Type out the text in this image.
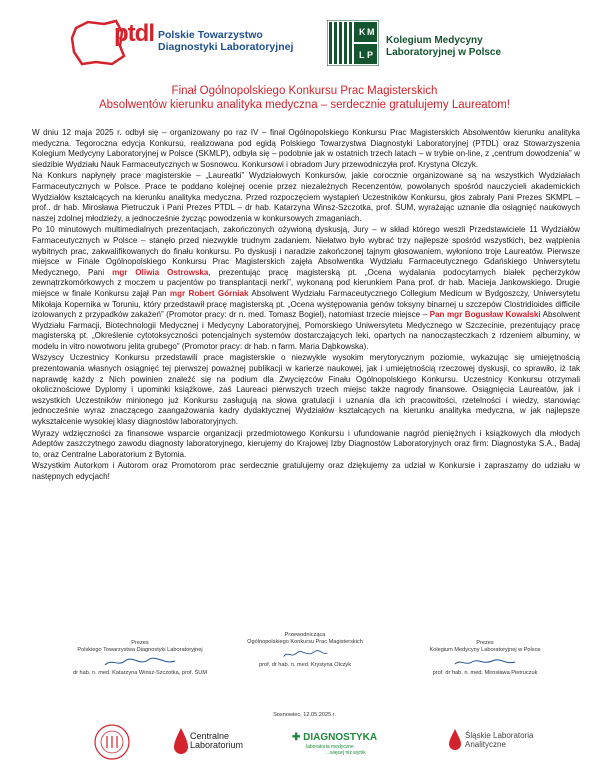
ptdl Polskie Towarzystwo
Diagnostyki Laboratoryjnej
K M
L P
Kolegium Medycyny
Laboratoryjnej w Polsce
Finał Ogólnopolskiego Konkursu Prac Magisterskich
Absolwentów kierunku analityka medyczna – serdecznie gratulujemy Laureatom!

W dniu 12 maja 2025 r. odbył się – organizowany po raz IV – finał Ogólnopolskiego Konkursu Prac Magisterskich Absolwentów kierunku analityka medyczna. Tegoroczna edycja Konkursu, realizowana pod egidą Polskiego Towarzystwa Diagnostyki Laboratoryjnej (PTDL) oraz Stowarzyszenia Kolegium Medycyny Laboratoryjnej w Polsce (SKMLP), odbyła się – podobnie jak w ostatnich trzech latach – w trybie on-line, z „centrum dowodzenia” w siedzibie Wydziału Nauk Farmaceutycznych w Sosnowcu. Konkursowi i obradom Jury przewodniczyła prof. Krystyna Olczyk.

Na Konkurs napłynęły prace magisterskie – „Laureatki” Wydziałowych Konkursów, jakie corocznie organizowane są na wszystkich Wydziałach Farmaceutycznych w Polsce. Prace te poddano kolejnej ocenie przez niezależnych Recenzentów, powołanych spośród nauczycieli akademickich Wydziałów kształcących na kierunku analityka medyczna. Przed rozpoczęciem wystąpień Uczestników Konkursu, głos zabrały Pani Prezes SKMPL – prof.. dr hab. Mirosława Pietruczuk i Pani Prezes PTDL – dr hab. Katarzyna Winsz-Szczotka, prof. ŚUM, wyrażając uznanie dla osiągnięć naukowych naszej zdolnej młodzieży, a jednocześnie życząc powodzenia w konkursowych zmaganiach.

Po 10 minutowych multimedialnych prezentacjach, zakończonych ożywioną dyskusją, Jury – w skład którego weszli Przedstawiciele 11 Wydziałów Farmaceutycznych w Polsce – stanęło przed niezwykle trudnym zadaniem. Niełatwo było wybrać trzy najlepsze spośród wszystkich, bez wątpienia wybitnych prac, zakwalifikowanych do finału konkursu. Po dyskusji i naradzie zakończonej tajnym głosowaniem, wyłoniono troje Laureatów. Pierwsze miejsce w Finale Ogólnopolskiego Konkursu Prac Magisterskich zajęła Absolwentka Wydziału Farmaceutycznego Gdańskiego Uniwersytetu Medycznego, Pani mgr Oliwia Ostrowska, prezentując pracę magisterską pt. „Ocena wydalania podocytarnych białek pęcherzyków zewnątrzkomórkowych z moczem u pacjentów po transplantacji nerki”, wykonaną pod kierunkiem Pana prof. dr hab. Macieja Jankowskiego. Drugie miejsce w finale Konkursu zajął Pan mgr Robert Górniak Absolwent Wydziału Farmaceutycznego Collegium Medicum w Bydgoszczy, Uniwersytetu Mikołaja Kopernika w Toruniu, który przedstawił pracę magisterską pt. „Ocena występowania genów toksyny binarnej u szczepów Clostridioides difficile izolowanych z przypadków zakażeń” (Promotor pracy: dr n. med. Tomasz Bogiel), natomiast trzecie miejsce – Pan mgr Bogusław Kowalski Absolwent Wydziału Farmacji, Biotechnologii Medycznej i Medycyny Laboratoryjnej, Pomorskiego Uniwersytetu Medycznego w Szczecinie, prezentujący pracę magisterską pt. „Określenie cytotoksyczności potencjalnych systemów dostarczających leki, opartych na nanocząsteczkach z rdzeniem albuminy, w modelu in vitro nowotworu jelita grubego” (Promotor pracy: dr hab. n farm. Maria Dąbkowska).

Wszyscy Uczestnicy Konkursu przedstawili prace magisterskie o niezwykle wysokim merytorycznym poziomie, wykazując się umiejętnością prezentowania własnych osiągnięć tej pierwszej poważnej publikacji w karierze naukowej, jak i umiejętnością rzeczowej dyskusji, co sprawiło, iż tak naprawdę każdy z Nich powinien znaleźć się na podium dla Zwycięzców Finału Ogólnopolskiego Konkursu. Uczestnicy Konkursu otrzymali okolicznościowe Dyplomy i upominki książkowe, zaś Laureaci pierwszych trzech miejsc także nagrody finansowe. Osiągnięcia Laureatów, jak i wszystkich Uczestników minionego już Konkursu zasługują na słowa gratulacji i uznania dla ich pracowitości, rzetelności i wiedzy, stanowiąc jednocześnie wyraz znaczącego zaangażowania kadry dydaktycznej Wydziałów kształcących na kierunku analityka medyczna, w jak najlepsze wykształcenie wysokiej klasy diagnostów laboratoryjnych.

Wyrazy wdzięczności za finansowe wsparcie organizacji przedmiotowego Konkursu i ufundowanie nagród pieniężnych i książkowych dla młodych Adeptów zaszczytnego zawodu diagnosty laboratoryjnego, kierujemy do Krajowej Izby Diagnostów Laboratoryjnych oraz firm: Diagnostyka S.A., Badaj to, oraz Centralne Laboratorium z Bytomia.

Wszystkim Autorkom i Autorom oraz Promotorom prac serdecznie gratulujemy oraz dziękujemy za udział w Konkursie i zapraszamy do udziału w następnych edycjach!

Prezes
Polskiego Towarzystwa Diagnostyki Laboratoryjnej
dr hab. n. med. Katarzyna Winsz-Szczotka, prof. ŚUM
Przewodnicząca
Ogólnopolskiego Konkursu Prac Magisterskich
prof. dr hab. n. med. Krystyna Olczyk
Prezes
Kolegium Medycyny Laboratoryjnej w Polsce
prof. dr hab. n. med. Mirosława Pietruczuk
Sosnowiec, 12.05.2025 r.
Centralne
Laboratorium
✚ DIAGNOSTYKA
laboratoria medyczne
...więcej niż wynik
Śląskie Laboratoria
Analityczne
